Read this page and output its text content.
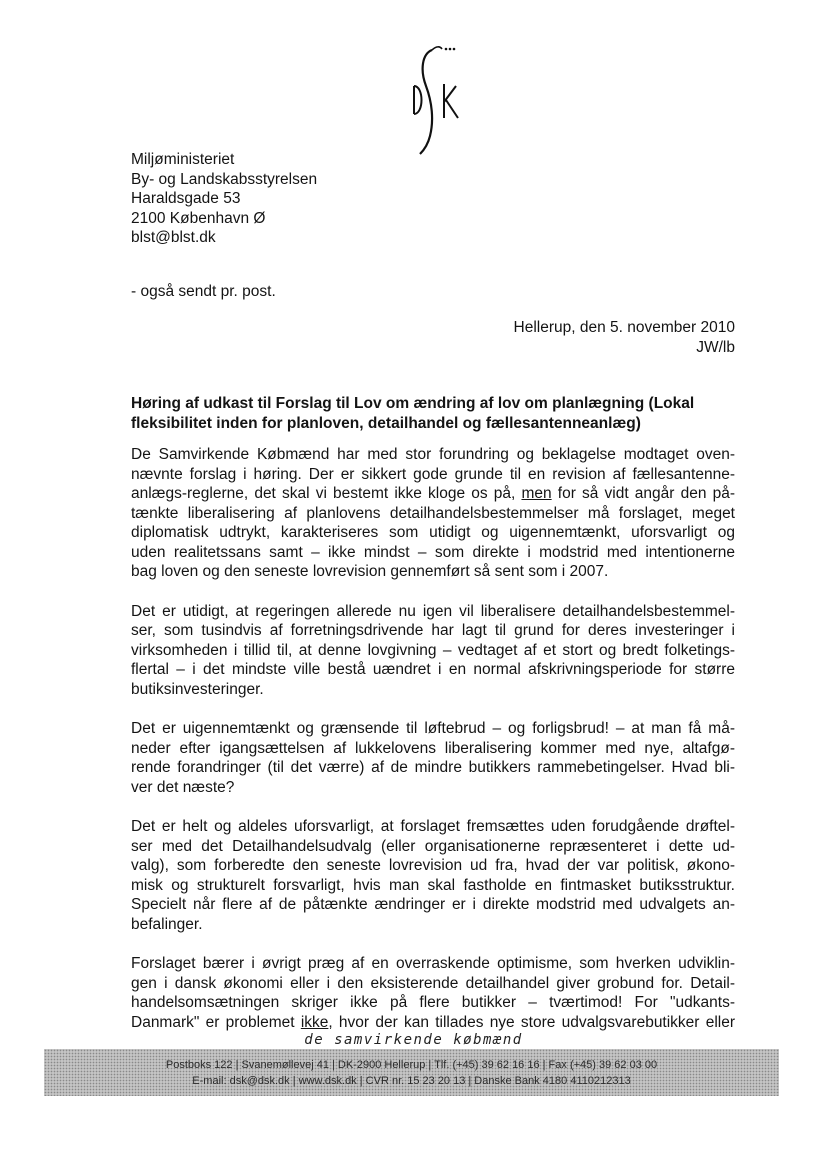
Miljøministeriet
By- og Landskabsstyrelsen
Haraldsgade 53
2100 København Ø
blst@blst.dk
- også sendt pr. post.
Hellerup, den 5. november 2010
JW/lb
Høring af udkast til Forslag til Lov om ændring af lov om planlægning (Lokal fleksibilitet inden for planloven, detailhandel og fællesantenneanlæg)

De Samvirkende Købmænd har med stor forundring og beklagelse modtaget oven-
nævnte forslag i høring. Der er sikkert gode grunde til en revision af fællesantenne-
anlægs-reglerne, det skal vi bestemt ikke kloge os på, men for så vidt angår den på-
tænkte liberalisering af planlovens detailhandelsbestemmelser må forslaget, meget
diplomatisk udtrykt, karakteriseres som utidigt og uigennemtænkt, uforsvarligt og
uden realitetssans samt – ikke mindst – som direkte i modstrid med intentionerne
bag loven og den seneste lovrevision gennemført så sent som i 2007.

Det er utidigt, at regeringen allerede nu igen vil liberalisere detailhandelsbestemmel-
ser, som tusindvis af forretningsdrivende har lagt til grund for deres investeringer i
virksomheden i tillid til, at denne lovgivning – vedtaget af et stort og bredt folketings-
flertal – i det mindste ville bestå uændret i en normal afskrivningsperiode for større
butiksinvesteringer.

Det er uigennemtænkt og grænsende til løftebrud – og forligsbrud! – at man få må-
neder efter igangsættelsen af lukkelovens liberalisering kommer med nye, altafgø-
rende forandringer (til det værre) af de mindre butikkers rammebetingelser. Hvad bli-
ver det næste?

Det er helt og aldeles uforsvarligt, at forslaget fremsættes uden forudgående drøftel-
ser med det Detailhandelsudvalg (eller organisationerne repræsenteret i dette ud-
valg), som forberedte den seneste lovrevision ud fra, hvad der var politisk, økono-
misk og strukturelt forsvarligt, hvis man skal fastholde en fintmasket butiksstruktur.
Specielt når flere af de påtænkte ændringer er i direkte modstrid med udvalgets an-
befalinger.

Forslaget bærer i øvrigt præg af en overraskende optimisme, som hverken udviklin-
gen i dansk økonomi eller i den eksisterende detailhandel giver grobund for. Detail-
handelsomsætningen skriger ikke på flere butikker – tværtimod! For "udkants-
Danmark" er problemet ikke, hvor der kan tillades nye store udvalgsvarebutikker eller

de samvirkende købmænd
Postboks 122 | Svanemøllevej 41 | DK-2900 Hellerup | Tlf. (+45) 39 62 16 16 | Fax (+45) 39 62 03 00
E-mail: dsk@dsk.dk | www.dsk.dk | CVR nr. 15 23 20 13 | Danske Bank 4180 4110212313
